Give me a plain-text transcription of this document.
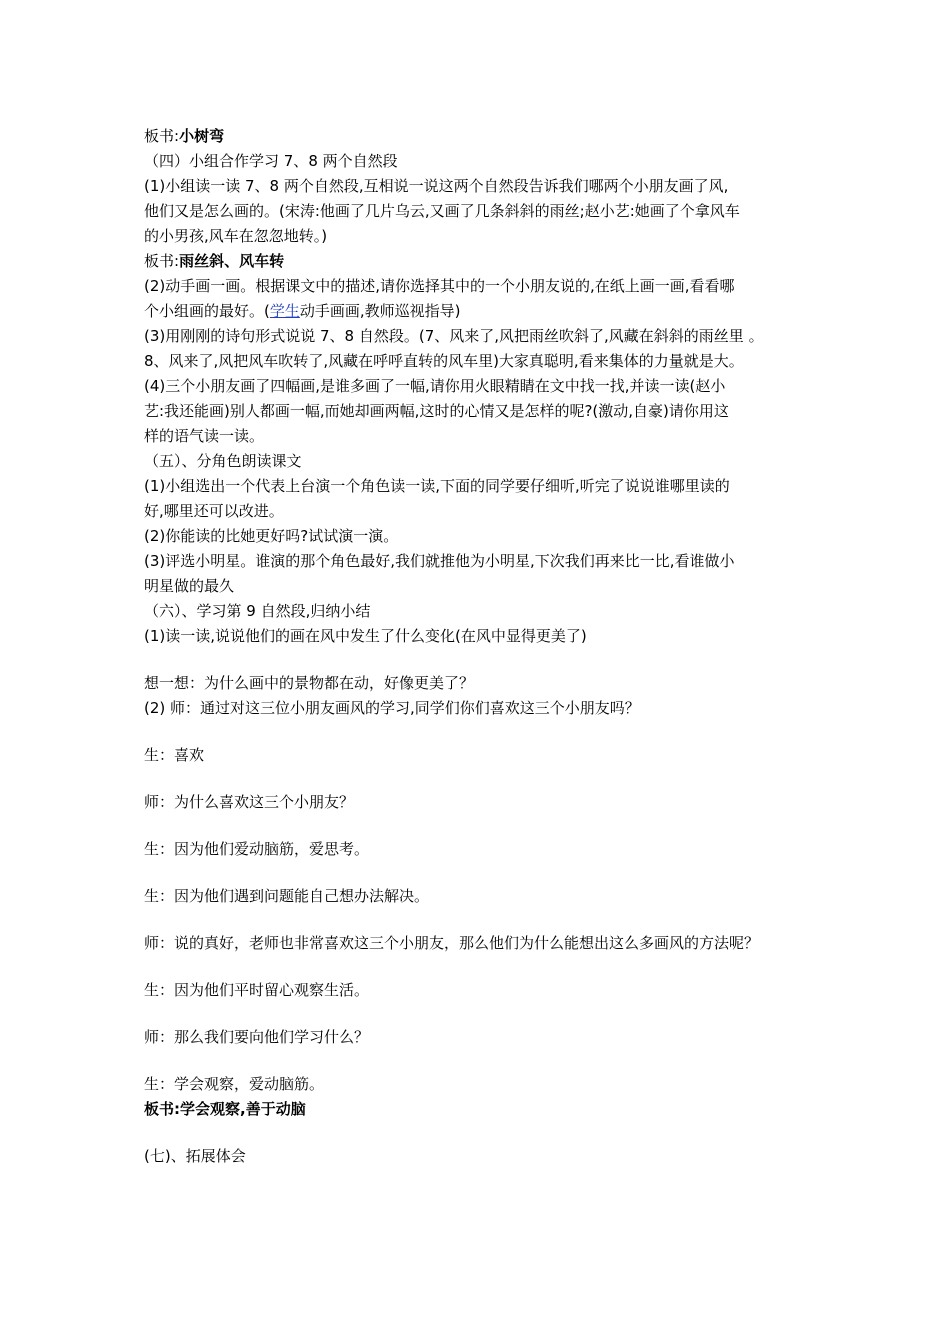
板书:小树弯
（四）小组合作学习 7、8 两个自然段
(1)小组读一读 7、8 两个自然段,互相说一说这两个自然段告诉我们哪两个小朋友画了风,
他们又是怎么画的。(宋涛:他画了几片乌云,又画了几条斜斜的雨丝;赵小艺:她画了个拿风车
的小男孩,风车在忽忽地转。)
板书:雨丝斜、风车转
(2)动手画一画。根据课文中的描述,请你选择其中的一个小朋友说的,在纸上画一画,看看哪
个小组画的最好。(学生动手画画,教师巡视指导)
(3)用刚刚的诗句形式说说 7、8 自然段。(7、风来了,风把雨丝吹斜了,风藏在斜斜的雨丝里 。
8、风来了,风把风车吹转了,风藏在呼呼直转的风车里)大家真聪明,看来集体的力量就是大。
(4)三个小朋友画了四幅画,是谁多画了一幅,请你用火眼精睛在文中找一找,并读一读(赵小
艺:我还能画)别人都画一幅,而她却画两幅,这时的心情又是怎样的呢?(激动,自豪)请你用这
样的语气读一读。
（五）、分角色朗读课文
(1)小组选出一个代表上台演一个角色读一读,下面的同学要仔细听,听完了说说谁哪里读的
好,哪里还可以改进。
(2)你能读的比她更好吗?试试演一演。
(3)评选小明星。谁演的那个角色最好,我们就推他为小明星,下次我们再来比一比,看谁做小
明星做的最久
（六）、学习第 9 自然段,归纳小结
(1)读一读,说说他们的画在风中发生了什么变化(在风中显得更美了)
想一想：为什么画中的景物都在动，好像更美了？
(2) 师：通过对这三位小朋友画风的学习,同学们你们喜欢这三个小朋友吗？
生：喜欢
师：为什么喜欢这三个小朋友？
生：因为他们爱动脑筋，爱思考。
生：因为他们遇到问题能自己想办法解决。
师：说的真好，老师也非常喜欢这三个小朋友，那么他们为什么能想出这么多画风的方法呢？
生：因为他们平时留心观察生活。
师：那么我们要向他们学习什么？
生：学会观察，爱动脑筋。
板书:学会观察,善于动脑
(七)、拓展体会
